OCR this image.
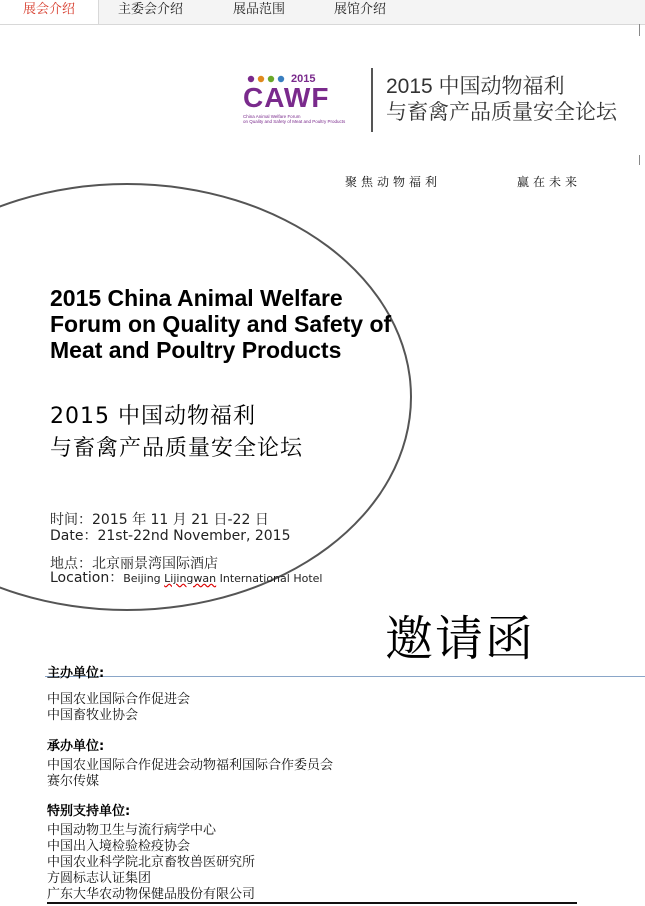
展会介绍	主委会介绍	展品范围	展馆介绍
2015
CAWF
China Animal Welfare Forum
on Quality and Safety of Meat and Poultry Products
2015 中国动物福利
与畜禽产品质量安全论坛
聚焦动物福利	赢在未来
2015 China Animal Welfare Forum on Quality and Safety of Meat and Poultry Products
2015 中国动物福利
与畜禽产品质量安全论坛
时间：2015 年 11 月 21 日-22 日
Date：21st-22nd November, 2015
地点：北京丽景湾国际酒店
Location：Beijing Lijingwan International Hotel
邀请函
主办单位:
中国农业国际合作促进会
中国畜牧业协会
承办单位:
中国农业国际合作促进会动物福利国际合作委员会
赛尔传媒
特别支持单位:
中国动物卫生与流行病学中心
中国出入境检验检疫协会
中国农业科学院北京畜牧兽医研究所
方圆标志认证集团
广东大华农动物保健品股份有限公司
